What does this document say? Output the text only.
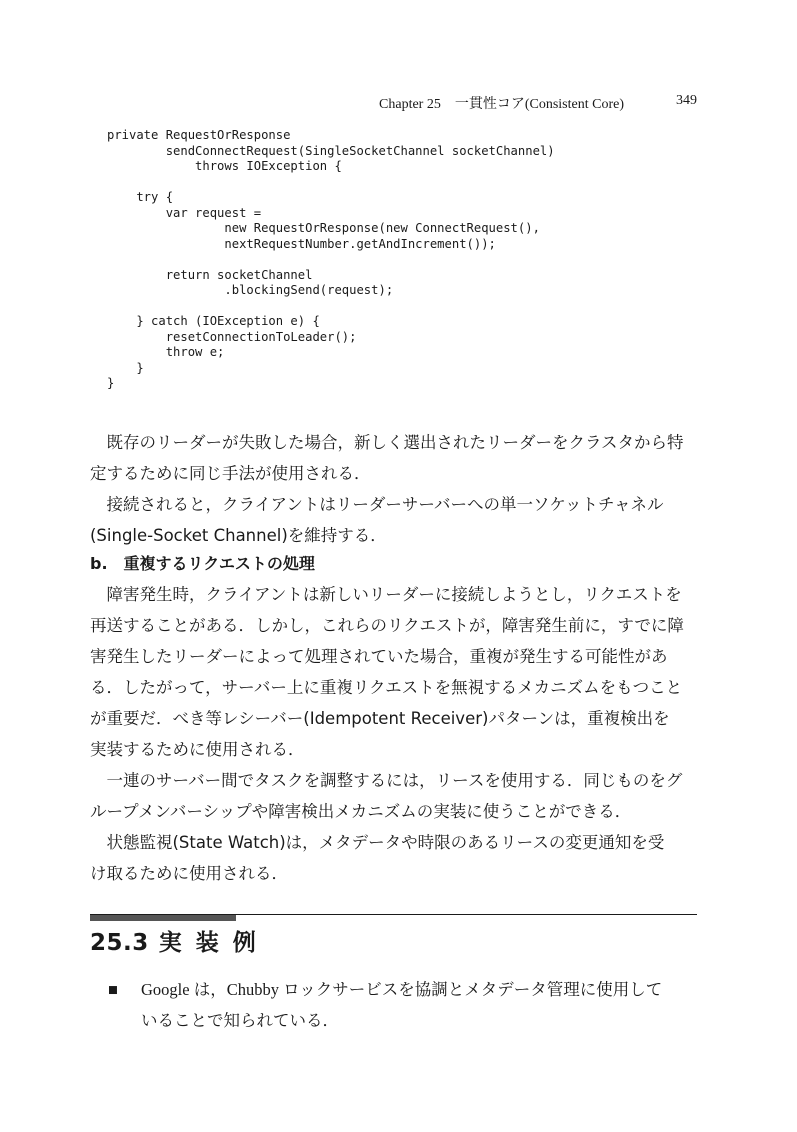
Chapter 25　一貫性コア(Consistent Core)	349
private RequestOrResponse
sendConnectRequest(SingleSocketChannel socketChannel)
throws IOException {

try {
var request =
new RequestOrResponse(new ConnectRequest(),
nextRequestNumber.getAndIncrement());

return socketChannel
.blockingSend(request);

} catch (IOException e) {
resetConnectionToLeader();
throw e;
}
}

既存のリーダーが失敗した場合，新しく選出されたリーダーをクラスタから特
定するために同じ手法が使用される．

接続されると，クライアントはリーダーサーバーへの単一ソケットチャネル
(Single-Socket Channel)を維持する．

b.　重複するリクエストの処理

障害発生時，クライアントは新しいリーダーに接続しようとし，リクエストを
再送することがある．しかし，これらのリクエストが，障害発生前に，すでに障
害発生したリーダーによって処理されていた場合，重複が発生する可能性があ
る．したがって，サーバー上に重複リクエストを無視するメカニズムをもつこと
が重要だ．べき等レシーバー(Idempotent Receiver)パターンは，重複検出を
実装するために使用される．

一連のサーバー間でタスクを調整するには，リースを使用する．同じものをグ
ループメンバーシップや障害検出メカニズムの実装に使うことができる．

状態監視(State Watch)は，メタデータや時限のあるリースの変更通知を受
け取るために使用される．

25.3 実装例
■ Google は，Chubby ロックサービスを協調とメタデータ管理に使用して
いることで知られている．
